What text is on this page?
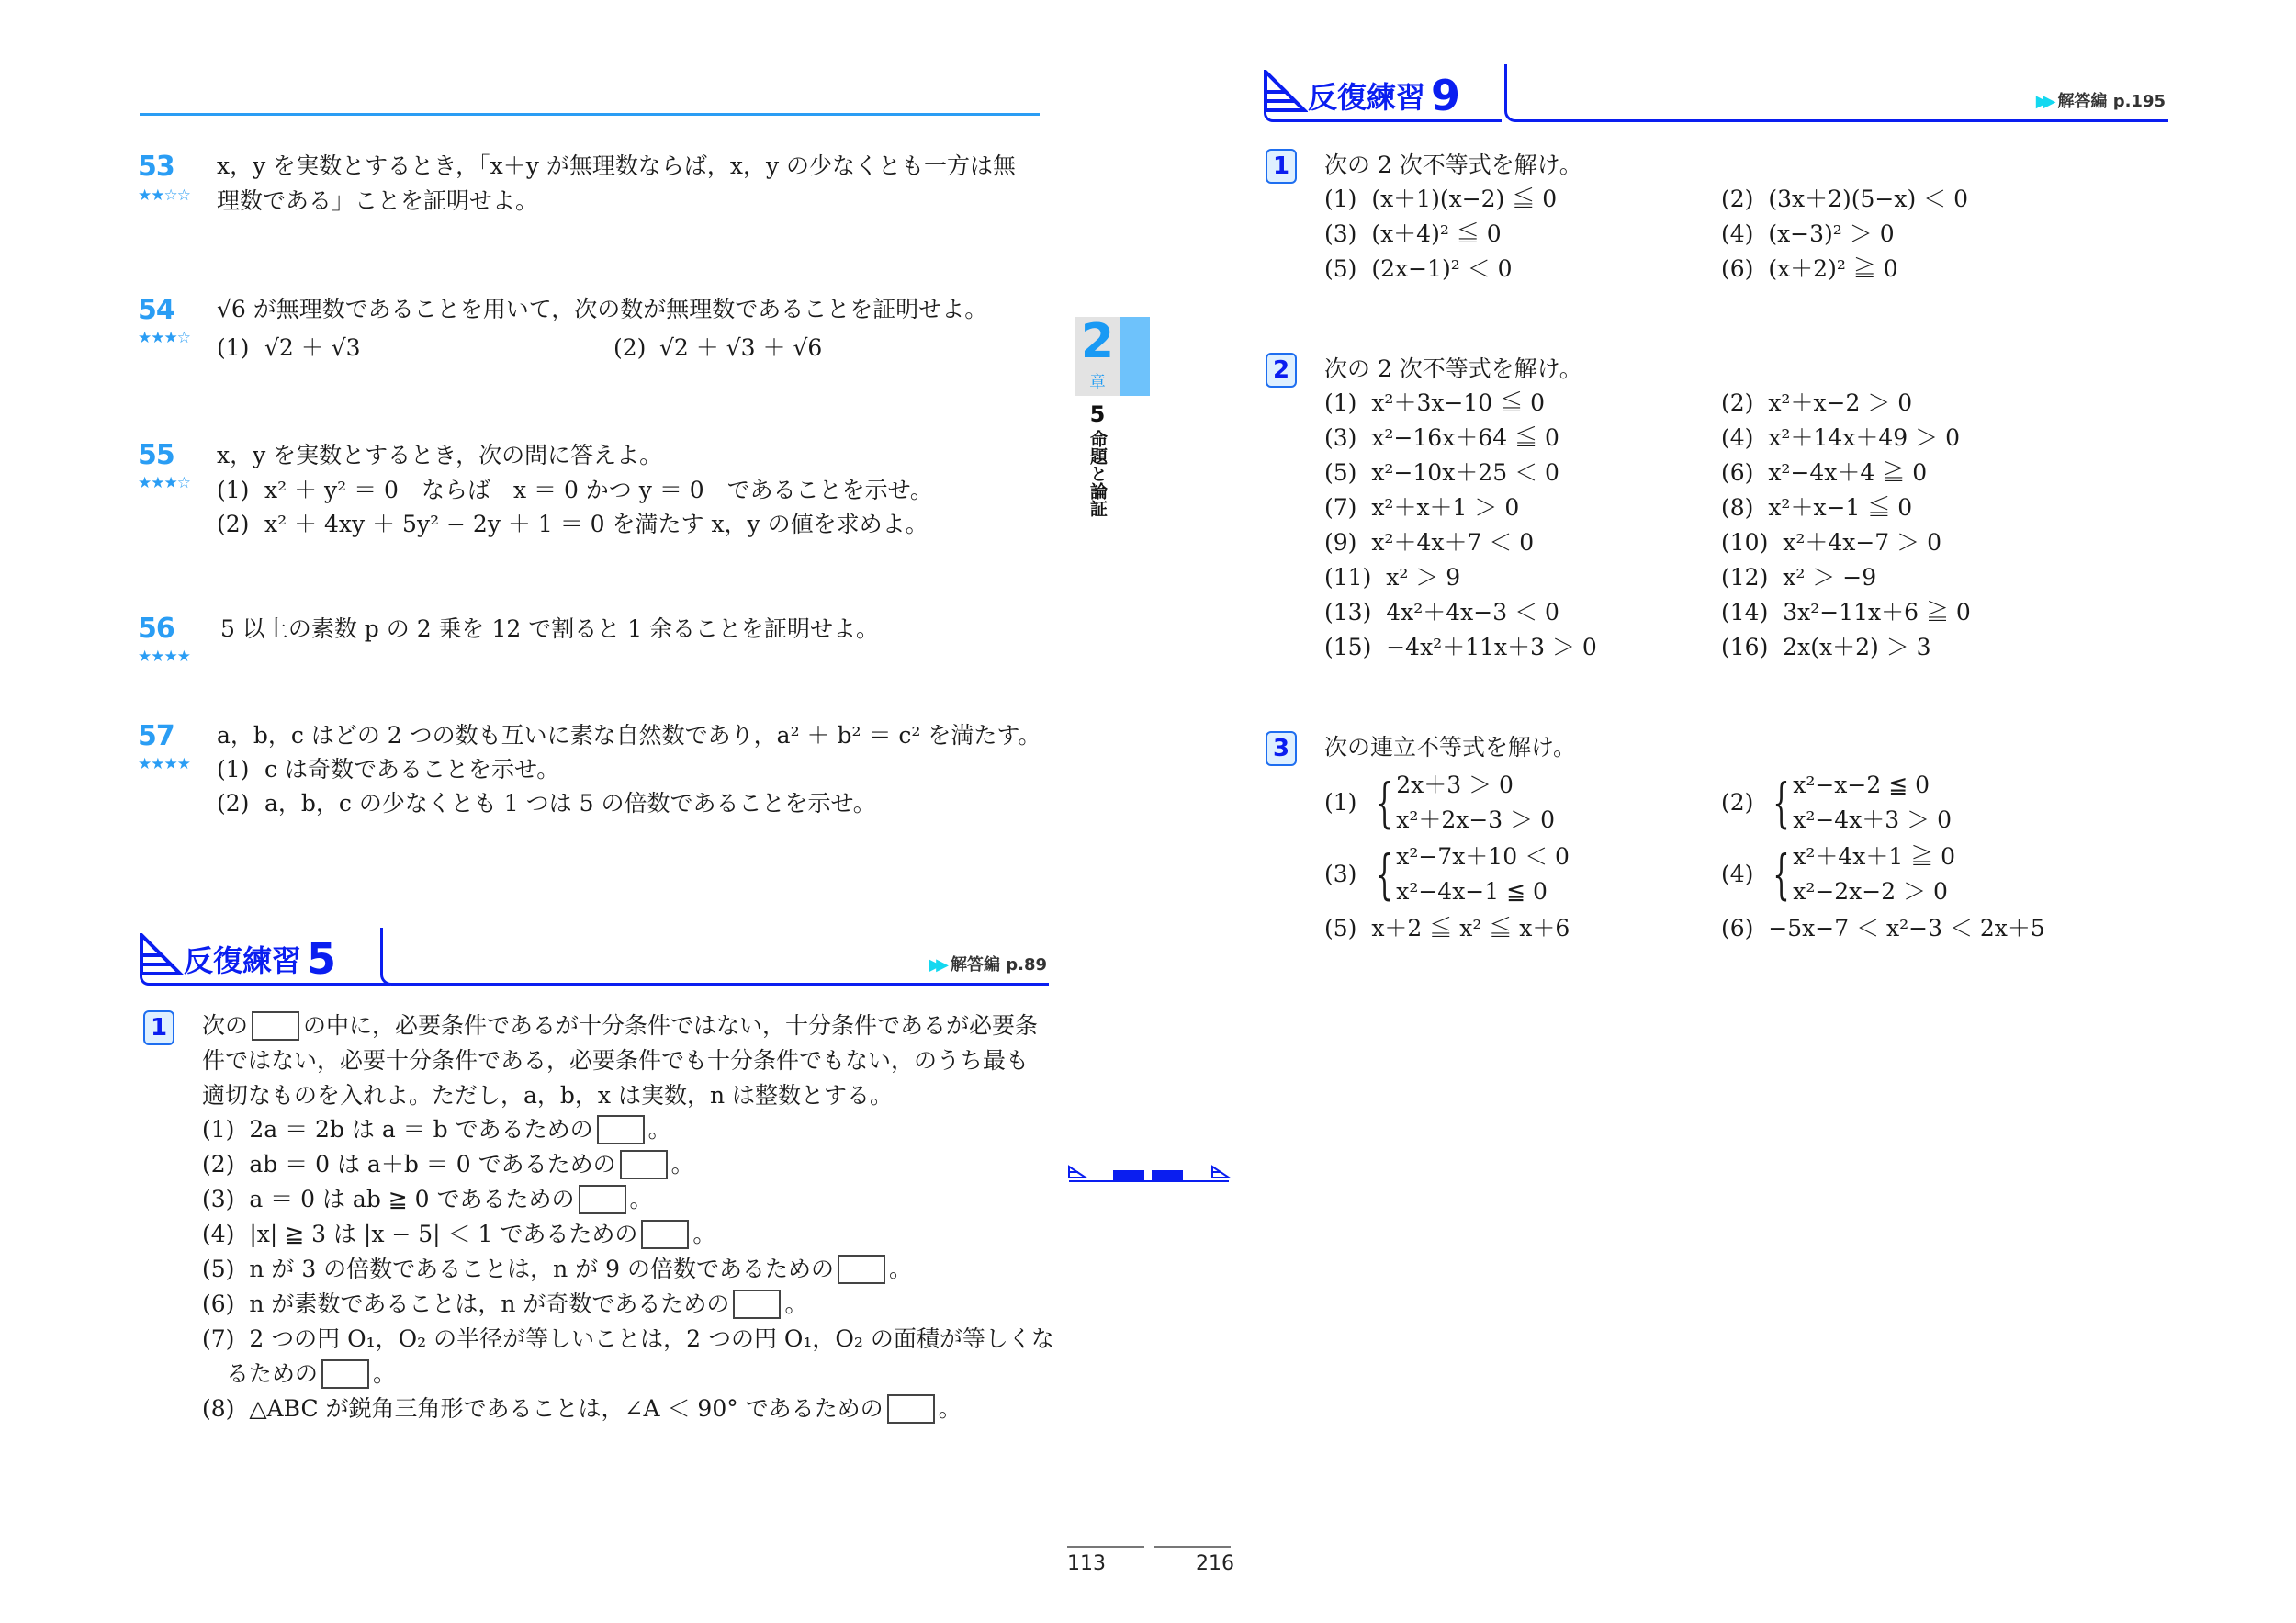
53
★★☆☆
x，y を実数とするとき，「x＋y が無理数ならば，x，y の少なくとも一方は無
理数である」ことを証明せよ。
54
★★★☆
√6 が無理数であることを用いて，次の数が無理数であることを証明せよ。
(1) √2 ＋ √3	(2) √2 ＋ √3 ＋ √6
55
★★★☆
x，y を実数とするとき，次の問に答えよ。
(1) x² ＋ y² ＝ 0　ならば　x ＝ 0 かつ y ＝ 0　であることを示せ。
(2) x² ＋ 4xy ＋ 5y² − 2y ＋ 1 ＝ 0 を満たす x，y の値を求めよ。
56
★★★★
5 以上の素数 p の 2 乗を 12 で割ると 1 余ることを証明せよ。
57
★★★★
a，b，c はどの 2 つの数も互いに素な自然数であり，a² ＋ b² ＝ c² を満たす。
(1) c は奇数であることを示せ。
(2) a，b，c の少なくとも 1 つは 5 の倍数であることを示せ。
反復練習 5	▶▶ 解答編 p.89
1	次の の中に，必要条件であるが十分条件ではない，十分条件であるが必要条
件ではない，必要十分条件である，必要条件でも十分条件でもない，のうち最も
適切なものを入れよ。ただし，a，b，x は実数，n は整数とする。
(1) 2a ＝ 2b は a ＝ b であるための 。
(2) ab ＝ 0 は a＋b ＝ 0 であるための 。
(3) a ＝ 0 は ab ≧ 0 であるための 。
(4) |x| ≧ 3 は |x − 5| ＜ 1 であるための 。
(5) n が 3 の倍数であることは，n が 9 の倍数であるための 。
(6) n が素数であることは，n が奇数であるための 。
(7) 2 つの円 O₁，O₂ の半径が等しいことは，2 つの円 O₁，O₂ の面積が等しくな
るための 。
(8) △ABC が鋭角三角形であることは，∠A ＜ 90° であるための 。
113
2
章
5
命題と論証
反復練習 9	▶▶ 解答編 p.195
1	次の 2 次不等式を解け。
(1) (x＋1)(x−2) ≦ 0	(2) (3x＋2)(5−x) ＜ 0
(3) (x＋4)² ≦ 0	(4) (x−3)² ＞ 0
(5) (2x−1)² ＜ 0	(6) (x＋2)² ≧ 0
2	次の 2 次不等式を解け。
(1) x²＋3x−10 ≦ 0	(2) x²＋x−2 ＞ 0
(3) x²−16x＋64 ≦ 0	(4) x²＋14x＋49 ＞ 0
(5) x²−10x＋25 ＜ 0	(6) x²−4x＋4 ≧ 0
(7) x²＋x＋1 ＞ 0	(8) x²＋x−1 ≦ 0
(9) x²＋4x＋7 ＜ 0	(10) x²＋4x−7 ＞ 0
(11) x² ＞ 9	(12) x² ＞ −9
(13) 4x²＋4x−3 ＜ 0	(14) 3x²−11x＋6 ≧ 0
(15) −4x²＋11x＋3 ＞ 0	(16) 2x(x＋2) ＞ 3
3	次の連立不等式を解け。
(1) { 2x＋3 ＞ 0
x²＋2x−3 ＞ 0
(2) { x²−x−2 ≦ 0
x²−4x＋3 ＞ 0
(3) { x²−7x＋10 ＜ 0
x²−4x−1 ≦ 0
(4) { x²＋4x＋1 ≧ 0
x²−2x−2 ＞ 0
(5) x＋2 ≦ x² ≦ x＋6	(6) −5x−7 ＜ x²−3 ＜ 2x＋5
216
